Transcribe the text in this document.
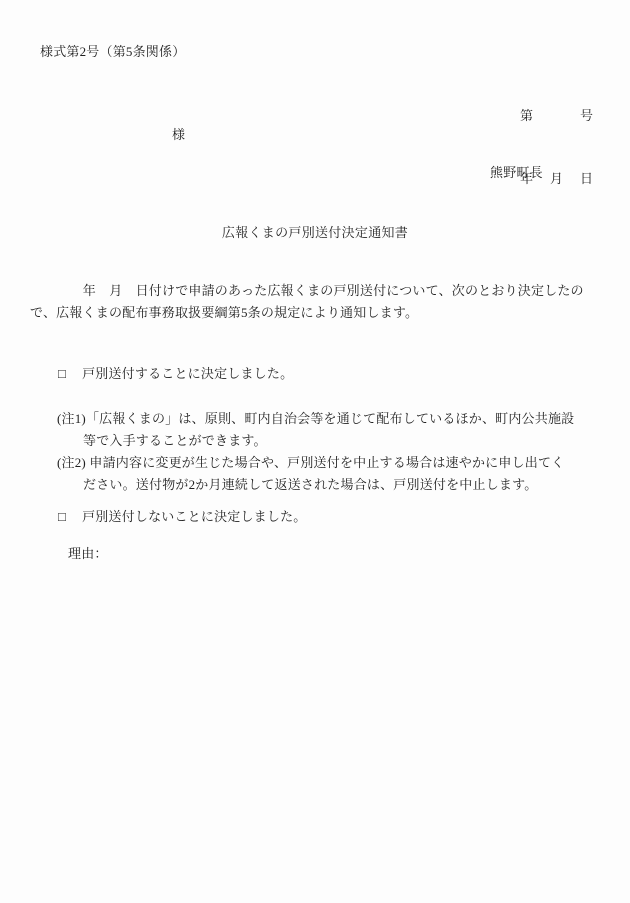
様式第2号（第5条関係）

第　　　号

年　月　日

様
熊野町長
広報くまの戸別送付決定通知書
　　　　年　月　日付けで申請のあった広報くまの戸別送付について、次のとおり決定したの
で、広報くまの配布事務取扱要綱第5条の規定により通知します。
□ 戸別送付することに決定しました。
(注1)「広報くまの」は、原則、町内自治会等を通じて配布しているほか、町内公共施設
等で入手することができます。
(注2) 申請内容に変更が生じた場合や、戸別送付を中止する場合は速やかに申し出てく
ださい。送付物が2か月連続して返送された場合は、戸別送付を中止します。
□ 戸別送付しないことに決定しました。
理由：
